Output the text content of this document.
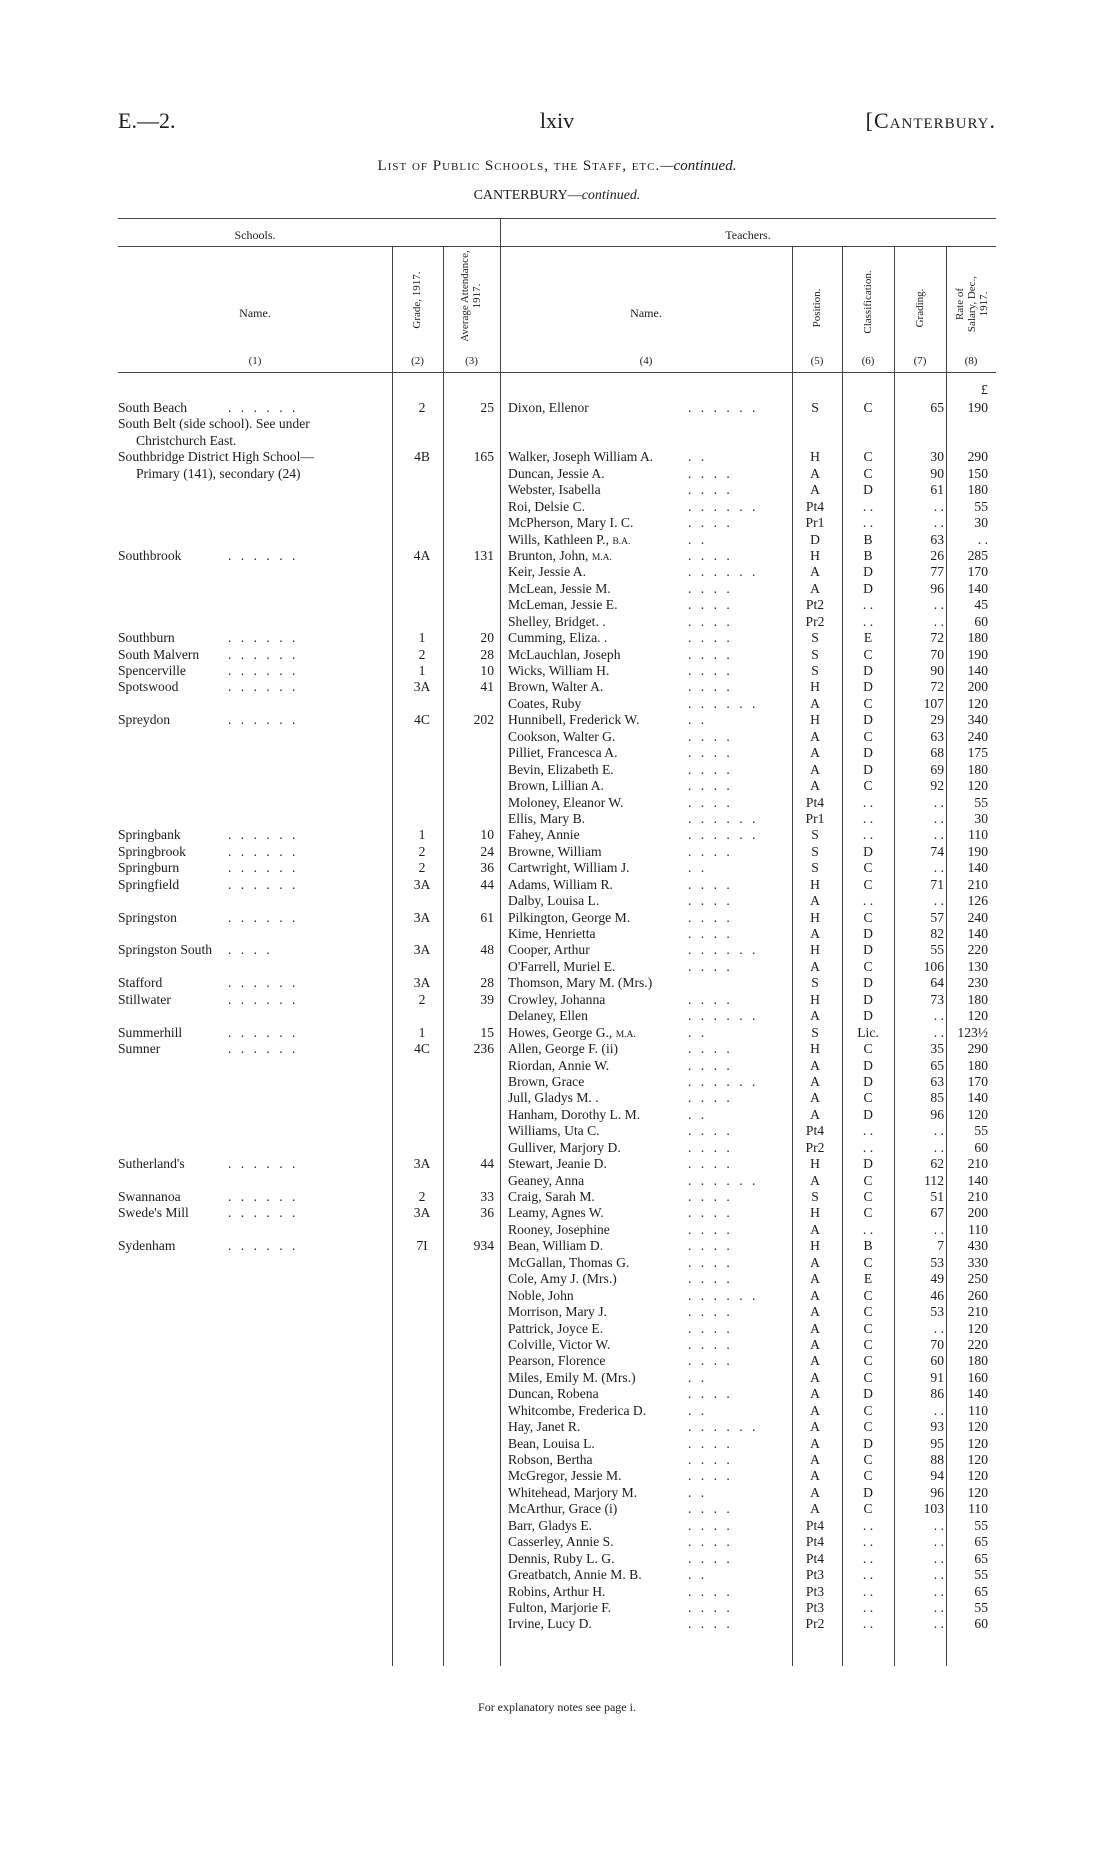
E.—2.	lxiv	[Canterbury.
List of Public Schools, the Staff, etc.—continued.
CANTERBURY—continued.
Schools.	Teachers.
Name.	Name.
Grade, 1917.	Average Attendance, 1917.	Position.	Classification.	Grading.	Rate of Salary, Dec., 1917.
(1)	(2)	(3)	(4)	(5)	(6)	(7)	(8)
£
South Beach	. . . . . .	2	25 Dixon, Ellenor	. . . . . .	S	C	65	190
South Belt (side school). See under
Christchurch East.
Southbridge District High School—	4B	165 Walker, Joseph William A.	. .	H	C	30	290
Primary (141), secondary (24)	Duncan, Jessie A.	. . . .	A	C	90	150
Webster, Isabella	. . . .	A	D	61	180
Roi, Delsie C.	. . . . . .	Pt4	. .	. .	55
McPherson, Mary I. C.	. . . .	Pr1	. .	. .	30
Wills, Kathleen P., B.A.	. .	D	B	63	. .
Southbrook	. . . . . .	4A	131 Brunton, John, M.A.	. . . .	H	B	26	285
Keir, Jessie A.	. . . . . .	A	D	77	170
McLean, Jessie M.	. . . .	A	D	96	140
McLeman, Jessie E.	. . . .	Pt2	. .	. .	45
Shelley, Bridget. .	. . . .	Pr2	. .	. .	60
Southburn	. . . . . .	1	20 Cumming, Eliza. .	. . . .	S	E	72	180
South Malvern . . . . . .	2	28 McLauchlan, Joseph	. . . .	S	C	70	190
Spencerville	. . . . . .	1	10 Wicks, William H.	. . . .	S	D	90	140
Spotswood	. . . . . .	3A	41 Brown, Walter A.	. . . .	H	D	72	200
Coates, Ruby	. . . . . .	A	C	107	120
Spreydon	. . . . . .	4C	202 Hunnibell, Frederick W.	. .	H	D	29	340
Cookson, Walter G.	. . . .	A	C	63	240
Pilliet, Francesca A.	. . . .	A	D	68	175
Bevin, Elizabeth E.	. . . .	A	D	69	180
Brown, Lillian A.	. . . .	A	C	92	120
Moloney, Eleanor W.	. . . .	Pt4	. .	. .	55
Ellis, Mary B.	. . . . . .	Pr1	. .	. .	30
Springbank	. . . . . .	1	10 Fahey, Annie	. . . . . .	S	. .	. .	110
Springbrook	. . . . . .	2	24 Browne, William	. . . .	S	D	74	190
Springburn	. . . . . .	2	36 Cartwright, William J.	. .	S	C	. .	140
Springfield	. . . . . .	3A	44 Adams, William R.	. . . .	H	C	71	210
Dalby, Louisa L.	. . . .	A	. .	. .	126
Springston	. . . . . .	3A	61 Pilkington, George M.	. . . .	H	C	57	240
Kime, Henrietta	. . . .	A	D	82	140
Springston South . . . .	3A	48 Cooper, Arthur	. . . . . .	H	D	55	220
O'Farrell, Muriel E.	. . . .	A	C	106	130
Stafford	. . . . . .	3A	28 Thomson, Mary M. (Mrs.)	S	D	64	230
Stillwater	. . . . . .	2	39 Crowley, Johanna	. . . .	H	D	73	180
Delaney, Ellen	. . . . . .	A	D	. .	120
Summerhill	. . . . . .	1	15 Howes, George G., M.A.	. .	S	Lic.	. . 123½
Sumner	. . . . . .	4C	236 Allen, George F. (ii)	. . . .	H	C	35	290
Riordan, Annie W.	. . . .	A	D	65	180
Brown, Grace	. . . . . .	A	D	63	170
Jull, Gladys M. .	. . . .	A	C	85	140
Hanham, Dorothy L. M.	. .	A	D	96	120
Williams, Uta C.	. . . .	Pt4	. .	. .	55
Gulliver, Marjory D.	. . . .	Pr2	. .	. .	60
Sutherland's	. . . . . .	3A	44 Stewart, Jeanie D.	. . . .	H	D	62	210
Geaney, Anna	. . . . . .	A	C	112	140
Swannanoa	. . . . . .	2	33 Craig, Sarah M.	. . . .	S	C	51	210
Swede's Mill	. . . . . .	3A	36 Leamy, Agnes W.	. . . .	H	C	67	200
Rooney, Josephine	. . . .	A	. .	. .	110
Sydenham	. . . . . .	7I	934 Bean, William D.	. . . .	H	B	7	430
McGallan, Thomas G.	. . . .	A	C	53	330
Cole, Amy J. (Mrs.)	. . . .	A	E	49	250
Noble, John	. . . . . .	A	C	46	260
Morrison, Mary J.	. . . .	A	C	53	210
Pattrick, Joyce E.	. . . .	A	C	. .	120
Colville, Victor W.	. . . .	A	C	70	220
Pearson, Florence	. . . .	A	C	60	180
Miles, Emily M. (Mrs.)	. .	A	C	91	160
Duncan, Robena	. . . .	A	D	86	140
Whitcombe, Frederica D.	. .	A	C	. .	110
Hay, Janet R.	. . . . . .	A	C	93	120
Bean, Louisa L.	. . . .	A	D	95	120
Robson, Bertha	. . . .	A	C	88	120
McGregor, Jessie M.	. . . .	A	C	94	120
Whitehead, Marjory M.	. .	A	D	96	120
McArthur, Grace (i)	. . . .	A	C	103	110
Barr, Gladys E.	. . . .	Pt4	. .	. .	55
Casserley, Annie S.	. . . .	Pt4	. .	. .	65
Dennis, Ruby L. G.	. . . .	Pt4	. .	. .	65
Greatbatch, Annie M. B.	. .	Pt3	. .	. .	55
Robins, Arthur H.	. . . .	Pt3	. .	. .	65
Fulton, Marjorie F.	. . . .	Pt3	. .	. .	55
Irvine, Lucy D.	. . . .	Pr2	. .	. .	60
For explanatory notes see page i.
